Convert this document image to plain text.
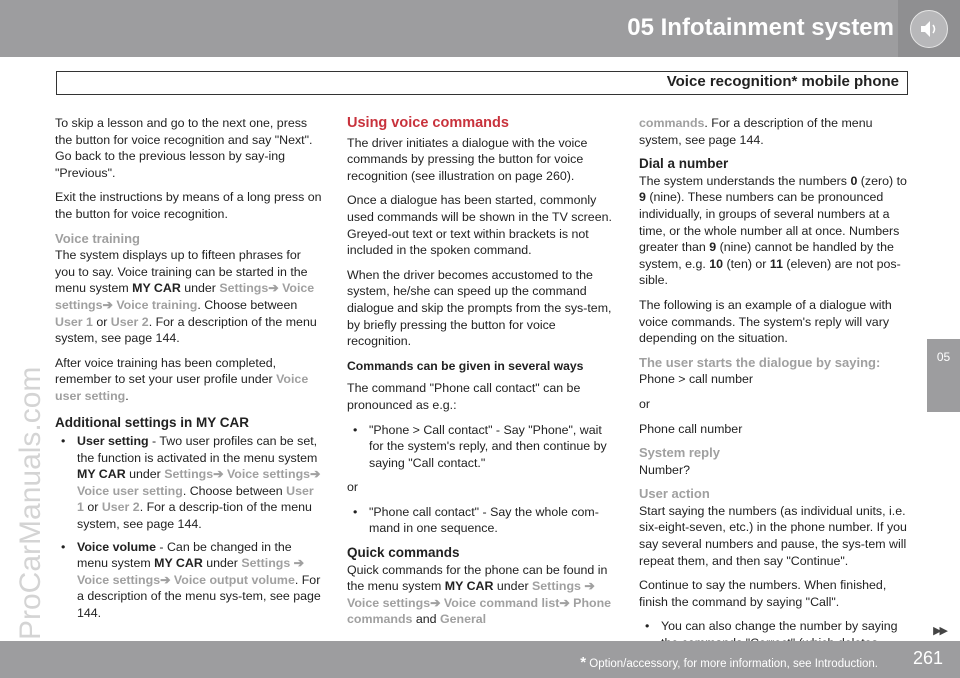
05 Infotainment system
Voice recognition* mobile phone
ProCarManuals.com

To skip a lesson and go to the next one, press the button for voice recognition and say "Next". Go back to the previous lesson by say-ing "Previous".

Exit the instructions by means of a long press on the button for voice recognition.

Voice training

The system displays up to fifteen phrases for you to say. Voice training can be started in the menu system MY CAR under Settings➔ Voice settings➔ Voice training. Choose between User 1 or User 2. For a description of the menu system, see page 144.

After voice training has been completed, remember to set your user profile under Voice user setting.

Additional settings in MY CAR
• User setting - Two user profiles can be set, the function is activated in the menu system MY CAR under Settings➔ Voice settings➔ Voice user setting. Choose between User 1 or User 2. For a descrip-tion of the menu system, see page 144.
• Voice volume - Can be changed in the menu system MY CAR under Settings ➔ Voice settings➔ Voice output volume. For a description of the menu sys-tem, see page 144.
Using voice commands

The driver initiates a dialogue with the voice commands by pressing the button for voice recognition (see illustration on page 260).

Once a dialogue has been started, commonly used commands will be shown in the TV screen. Greyed-out text or text within brackets is not included in the spoken command.

When the driver becomes accustomed to the system, he/she can speed up the command dialogue and skip the prompts from the sys-tem, by briefly pressing the button for voice recognition.

Commands can be given in several ways

The command "Phone call contact" can be pronounced as e.g.:

• "Phone > Call contact" - Say "Phone", wait for the system's reply, and then continue by saying "Call contact."

or

• "Phone call contact" - Say the whole com-mand in one sequence.
Quick commands

Quick commands for the phone can be found in the menu system MY CAR under Settings ➔ Voice settings➔ Voice command list➔ Phone commands and General

commands. For a description of the menu system, see page 144.

Dial a number

The system understands the numbers 0 (zero) to 9 (nine). These numbers can be pronounced individually, in groups of several numbers at a time, or the whole number all at once. Numbers greater than 9 (nine) cannot be handled by the system, e.g. 10 (ten) or 11 (eleven) are not pos-sible.

The following is an example of a dialogue with voice commands. The system's reply will vary depending on the situation.

The user starts the dialogue by saying:

Phone > call number

or

Phone call number

System reply

Number?

User action

Start saying the numbers (as individual units, i.e. six-eight-seven, etc.) in the phone number. If you say several numbers and pause, the sys-tem will repeat them, and then say "Continue".

Continue to say the numbers. When finished, finish the command by saying "Call".

• You can also change the number by saying
05
▶▶
* Option/accessory, for more information, see Introduction. 261
